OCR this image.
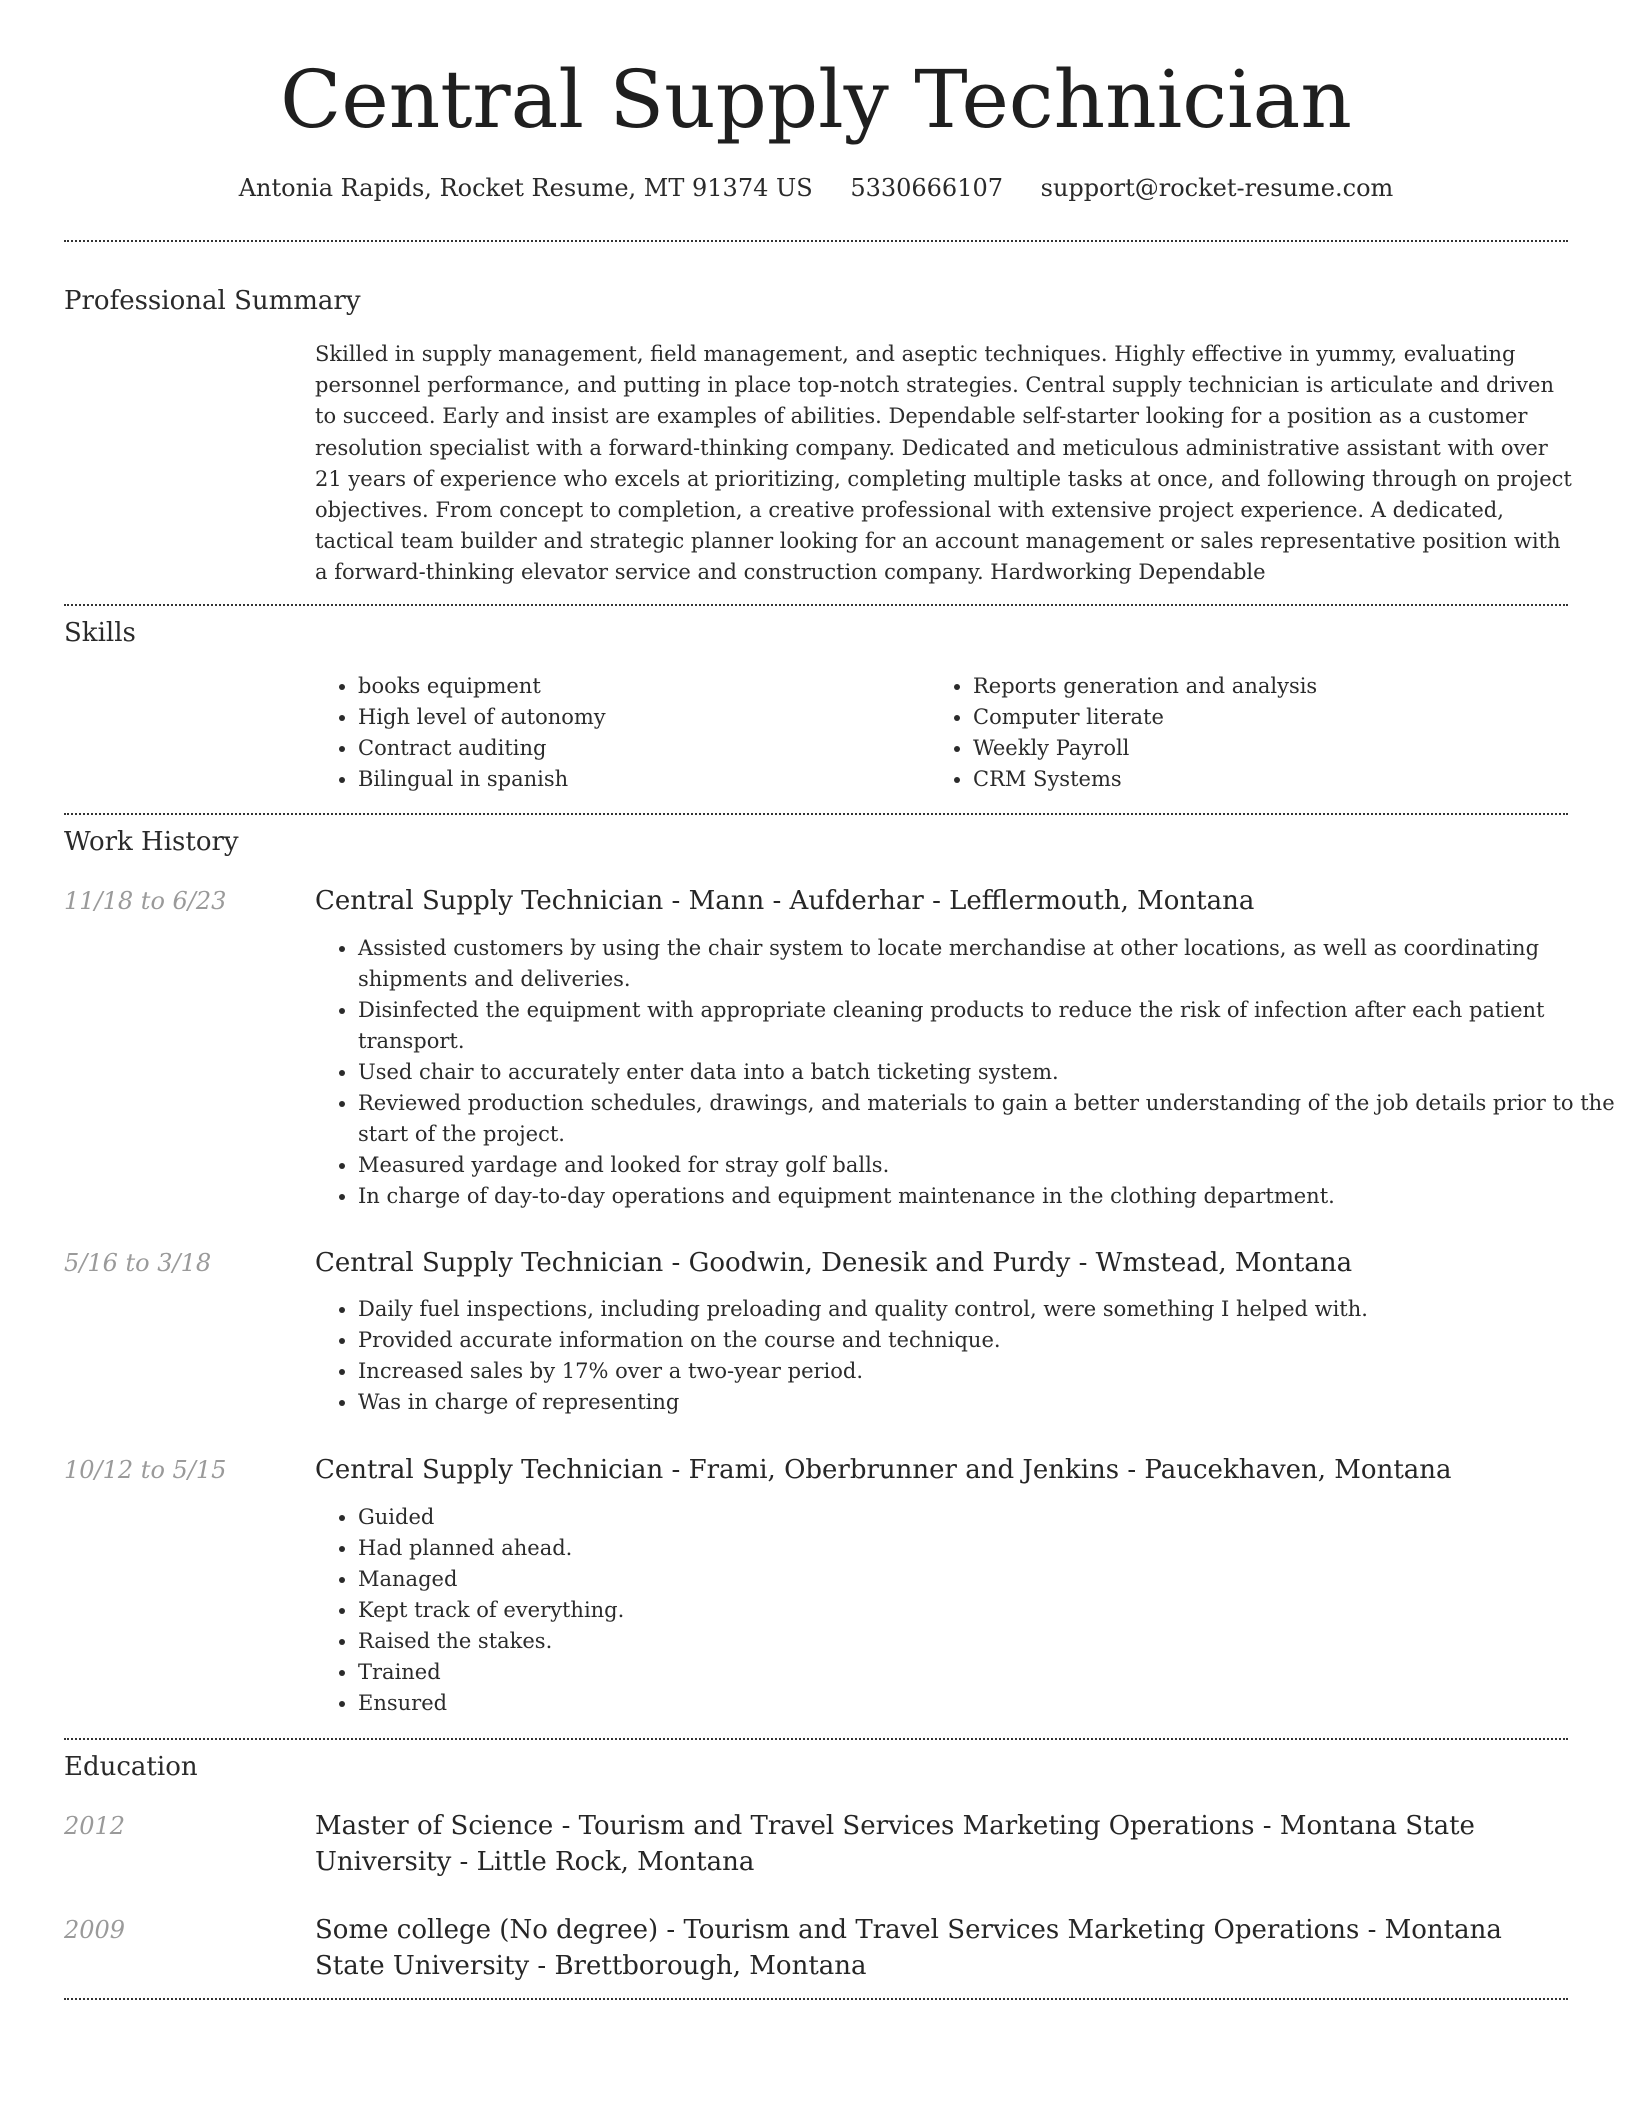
Central Supply Technician
Antonia Rapids, Rocket Resume, MT 91374 US 5330666107 support@rocket-resume.com
Professional Summary

Skilled in supply management, field management, and aseptic techniques. Highly effective in yummy, evaluating personnel performance, and putting in place top-notch strategies. Central supply technician is articulate and driven to succeed. Early and insist are examples of abilities. Dependable self-starter looking for a position as a customer resolution specialist with a forward-thinking company. Dedicated and meticulous administrative assistant with over 21 years of experience who excels at prioritizing, completing multiple tasks at once, and following through on project objectives. From concept to completion, a creative professional with extensive project experience. A dedicated, tactical team builder and strategic planner looking for an account management or sales representative position with a forward-thinking elevator service and construction company. Hardworking Dependable

Skills
• books equipment
• High level of autonomy
• Contract auditing
• Bilingual in spanish
• Reports generation and analysis
• Computer literate
• Weekly Payroll
• CRM Systems
Work History
11/18 to 6/23	Central Supply Technician - Mann - Aufderhar - Lefflermouth, Montana
• Assisted customers by using the chair system to locate merchandise at other locations, as well as coordinating shipments and deliveries.
• Disinfected the equipment with appropriate cleaning products to reduce the risk of infection after each patient transport.
• Used chair to accurately enter data into a batch ticketing system.
• Reviewed production schedules, drawings, and materials to gain a better understanding of the job details prior to the start of the project.
• Measured yardage and looked for stray golf balls.
• In charge of day-to-day operations and equipment maintenance in the clothing department.
5/16 to 3/18	Central Supply Technician - Goodwin, Denesik and Purdy - Wmstead, Montana
• Daily fuel inspections, including preloading and quality control, were something I helped with.
• Provided accurate information on the course and technique.
• Increased sales by 17% over a two-year period.
• Was in charge of representing
10/12 to 5/15	Central Supply Technician - Frami, Oberbrunner and Jenkins - Paucekhaven, Montana
• Guided
• Had planned ahead.
• Managed
• Kept track of everything.
• Raised the stakes.
• Trained
• Ensured
Education
2012	Master of Science - Tourism and Travel Services Marketing Operations - Montana State University - Little Rock, Montana
2009	Some college (No degree) - Tourism and Travel Services Marketing Operations - Montana State University - Brettborough, Montana
